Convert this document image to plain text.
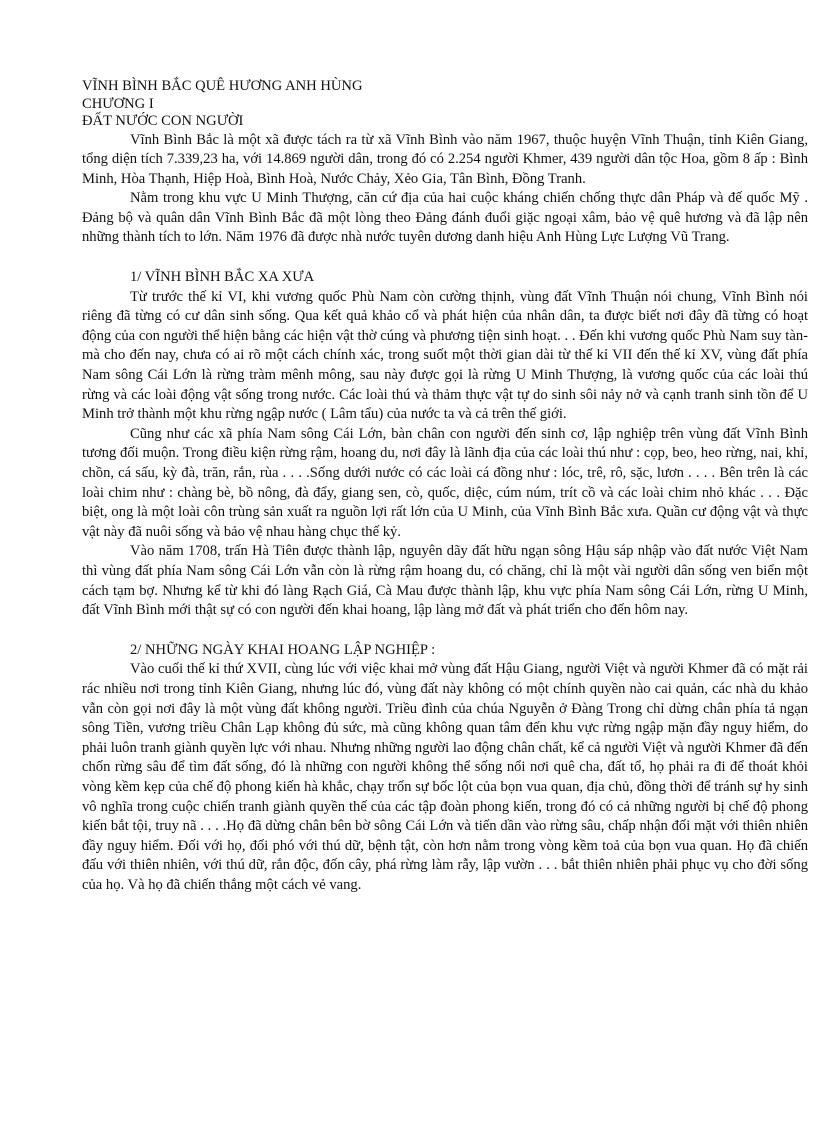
VĨNH BÌNH BẮC QUÊ HƯƠNG ANH HÙNG
CHƯƠNG I
ĐẤT NƯỚC CON NGƯỜI

Vĩnh Bình Bắc là một xã được tách ra từ xã Vĩnh Bình vào năm 1967, thuộc huyện Vĩnh Thuận, tỉnh Kiên Giang, tổng diện tích 7.339,23 ha, với 14.869 người dân, trong đó có 2.254 người Khmer, 439 người dân tộc Hoa, gồm 8 ấp : Bình Minh, Hòa Thạnh, Hiệp Hoà, Bình Hoà, Nước Chảy, Xẻo Gia, Tân Bình, Đồng Tranh.

Nằm trong khu vực U Minh Thượng, căn cứ địa của hai cuộc kháng chiến chống thực dân Pháp và đế quốc Mỹ . Đảng bộ và quân dân Vĩnh Bình Bắc đã một lòng theo Đảng đánh đuổi giặc ngoại xâm, bảo vệ quê hương và đã lập nên những thành tích to lớn. Năm 1976 đã được nhà nước tuyên dương danh hiệu Anh Hùng Lực Lượng Vũ Trang.

1/ VĨNH BÌNH BẮC XA XƯA

Từ trước thế kỉ VI, khi vương quốc Phù Nam còn cường thịnh, vùng đất Vĩnh Thuận nói chung, Vĩnh Bình nói riêng đã từng có cư dân sinh sống. Qua kết quả khảo cổ và phát hiện của nhân dân, ta được biết nơi đây đã từng có hoạt động của con người thể hiện bằng các hiện vật thờ cúng và phương tiện sinh hoạt. . . Đến khi vương quốc Phù Nam suy tàn- mà cho đến nay, chưa có ai rõ một cách chính xác, trong suốt một thời gian dài từ thế kỉ VII đến thế kỉ XV, vùng đất phía Nam sông Cái Lớn là rừng tràm mênh mông, sau này được gọi là rừng U Minh Thượng, là vương quốc của các loài thú rừng và các loài động vật sống trong nước. Các loài thú và thảm thực vật tự do sinh sôi nảy nở và cạnh tranh sinh tồn để U Minh trở thành một khu rừng ngập nước ( Lâm tẩu) của nước ta và cả trên thế giới.

Cũng như các xã phía Nam sông Cái Lớn, bàn chân con người đến sinh cơ, lập nghiệp trên vùng đất Vĩnh Bình tương đối muộn. Trong điều kiện rừng rậm, hoang du, nơi đây là lãnh địa của các loài thú như : cọp, beo, heo rừng, nai, khỉ, chồn, cá sấu, kỳ đà, trăn, rắn, rùa . . . .Sống dưới nước có các loài cá đồng như : lóc, trê, rô, sặc, lươn . . . . Bên trên là các loài chim như : chàng bè, bồ nông, đà đẩy, giang sen, cò, quốc, diệc, cúm núm, trít cồ và các loài chim nhỏ khác . . . Đặc biệt, ong là một loài côn trùng sản xuất ra nguồn lợi rất lớn của U Minh, của Vĩnh Bình Bắc xưa. Quần cư động vật và thực vật này đã nuôi sống và bảo vệ nhau hàng chục thế kỷ.

Vào năm 1708, trấn Hà Tiên được thành lập, nguyên dãy đất hữu ngạn sông Hậu sáp nhập vào đất nước Việt Nam thì vùng đất phía Nam sông Cái Lớn vẫn còn là rừng rậm hoang du, có chăng, chỉ là một vài người dân sống ven biển một cách tạm bợ. Nhưng kể từ khi đó làng Rạch Giá, Cà Mau được thành lập, khu vực phía Nam sông Cái Lớn, rừng U Minh, đất Vĩnh Bình mới thật sự có con người đến khai hoang, lập làng mở đất và phát triển cho đến hôm nay.

2/ NHỮNG NGÀY KHAI HOANG LẬP NGHIỆP :

Vào cuối thế kỉ thứ XVII, cùng lúc với việc khai mở vùng đất Hậu Giang, người Việt và người Khmer đã có mặt rải rác nhiều nơi trong tỉnh Kiên Giang, nhưng lúc đó, vùng đất này không có một chính quyền nào cai quản, các nhà du khảo vẫn còn gọi nơi đây là một vùng đất không người. Triều đình của chúa Nguyễn ở Đàng Trong chỉ dừng chân phía tả ngạn sông Tiền, vương triều Chân Lạp không đủ sức, mà cũng không quan tâm đến khu vực rừng ngập mặn đầy nguy hiểm, do phải luôn tranh giành quyền lực với nhau. Nhưng những người lao động chân chất, kể cả người Việt và người Khmer đã đến chốn rừng sâu để tìm đất sống, đó là những con người không thể sống nổi nơi quê cha, đất tổ, họ phải ra đi để thoát khỏi vòng kềm kẹp của chế độ phong kiến hà khắc, chạy trốn sự bốc lột của bọn vua quan, địa chủ, đồng thời để tránh sự hy sinh vô nghĩa trong cuộc chiến tranh giành quyền thế của các tập đoàn phong kiến, trong đó có cả những người bị chế độ phong kiến bắt tội, truy nã . . . .Họ đã dừng chân bên bờ sông Cái Lớn và tiến dần vào rừng sâu, chấp nhận đối mặt với thiên nhiên đầy nguy hiểm. Đối với họ, đối phó với thú dữ, bệnh tật, còn hơn nằm trong vòng kềm toả của bọn vua quan. Họ đã chiến đấu với thiên nhiên, với thú dữ, rắn độc, đốn cây, phá rừng làm rẫy, lập vườn . . . bắt thiên nhiên phải phục vụ cho đời sống của họ. Và họ đã chiến thắng một cách vẻ vang.
